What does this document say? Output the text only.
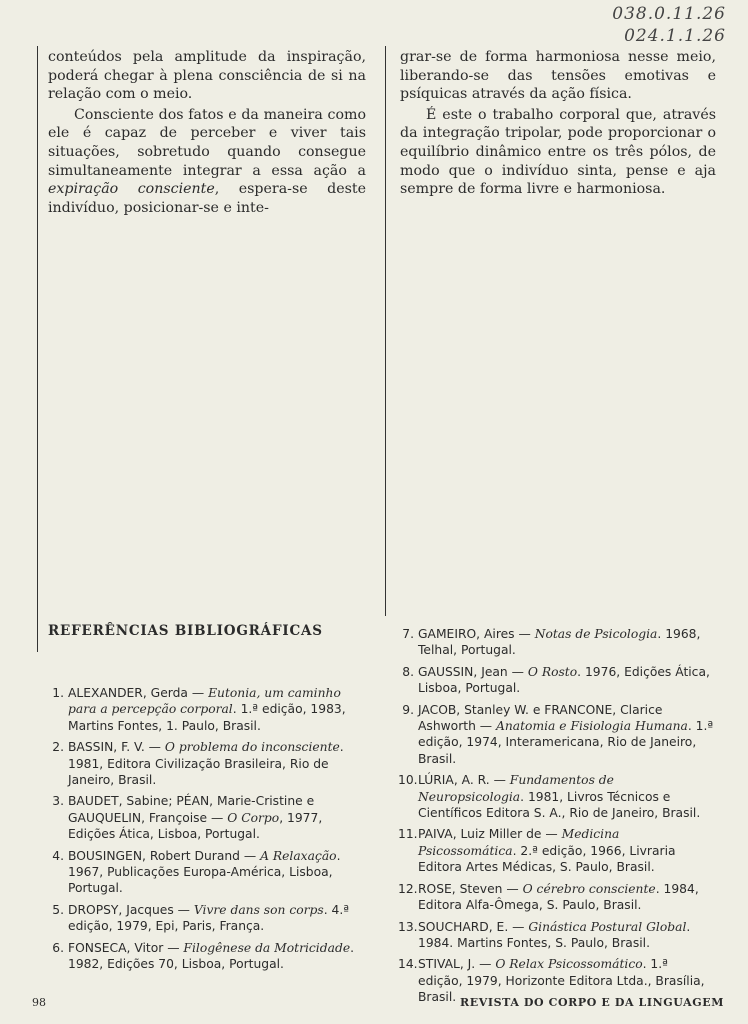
038.0.11.26
024.1.1.26

conteúdos pela amplitude da inspiração, poderá chegar à plena consciência de si na relação com o meio.

Consciente dos fatos e da maneira como ele é capaz de perceber e viver tais situações, sobretudo quando consegue simultaneamente integrar a essa ação a expiração consciente, espera-se deste indivíduo, posicionar-se e inte-

grar-se de forma harmoniosa nesse meio, liberando-se das tensões emotivas e psíquicas através da ação física.

É este o trabalho corporal que, através da integração tripolar, pode proporcionar o equilíbrio dinâmico entre os três pólos, de modo que o indivíduo sinta, pense e aja sempre de forma livre e harmoniosa.

REFERÊNCIAS BIBLIOGRÁFICAS
1. ALEXANDER, Gerda — Eutonia, um caminho para a percepção corporal. 1.ª edição, 1983, Martins Fontes, 1. Paulo, Brasil.
2. BASSIN, F. V. — O problema do inconsciente. 1981, Editora Civilização Brasileira, Rio de Janeiro, Brasil.
3. BAUDET, Sabine; PÉAN, Marie-Cristine e GAUQUELIN, Françoise — O Corpo, 1977, Edições Ática, Lisboa, Portugal.
4. BOUSINGEN, Robert Durand — A Relaxação. 1967, Publicações Europa-América, Lisboa, Portugal.
5. DROPSY, Jacques — Vivre dans son corps. 4.ª edição, 1979, Epi, Paris, França.
6. FONSECA, Vitor — Filogênese da Motricidade. 1982, Edições 70, Lisboa, Portugal.
7. GAMEIRO, Aires — Notas de Psicologia. 1968, Telhal, Portugal.
8. GAUSSIN, Jean — O Rosto. 1976, Edições Ática, Lisboa, Portugal.
9. JACOB, Stanley W. e FRANCONE, Clarice Ashworth — Anatomia e Fisiologia Humana. 1.ª edição, 1974, Interamericana, Rio de Janeiro, Brasil.
10. LÚRIA, A. R. — Fundamentos de Neuropsicologia. 1981, Livros Técnicos e Científicos Editora S. A., Rio de Janeiro, Brasil.
11. PAIVA, Luiz Miller de — Medicina Psicossomática. 2.ª edição, 1966, Livraria Editora Artes Médicas, S. Paulo, Brasil.
12. ROSE, Steven — O cérebro consciente. 1984, Editora Alfa-Ômega, S. Paulo, Brasil.
13. SOUCHARD, E. — Ginástica Postural Global. 1984. Martins Fontes, S. Paulo, Brasil.
14. STIVAL, J. — O Relax Psicossomático. 1.ª edição, 1979, Horizonte Editora Ltda., Brasília, Brasil.
98	REVISTA DO CORPO E DA LINGUAGEM
